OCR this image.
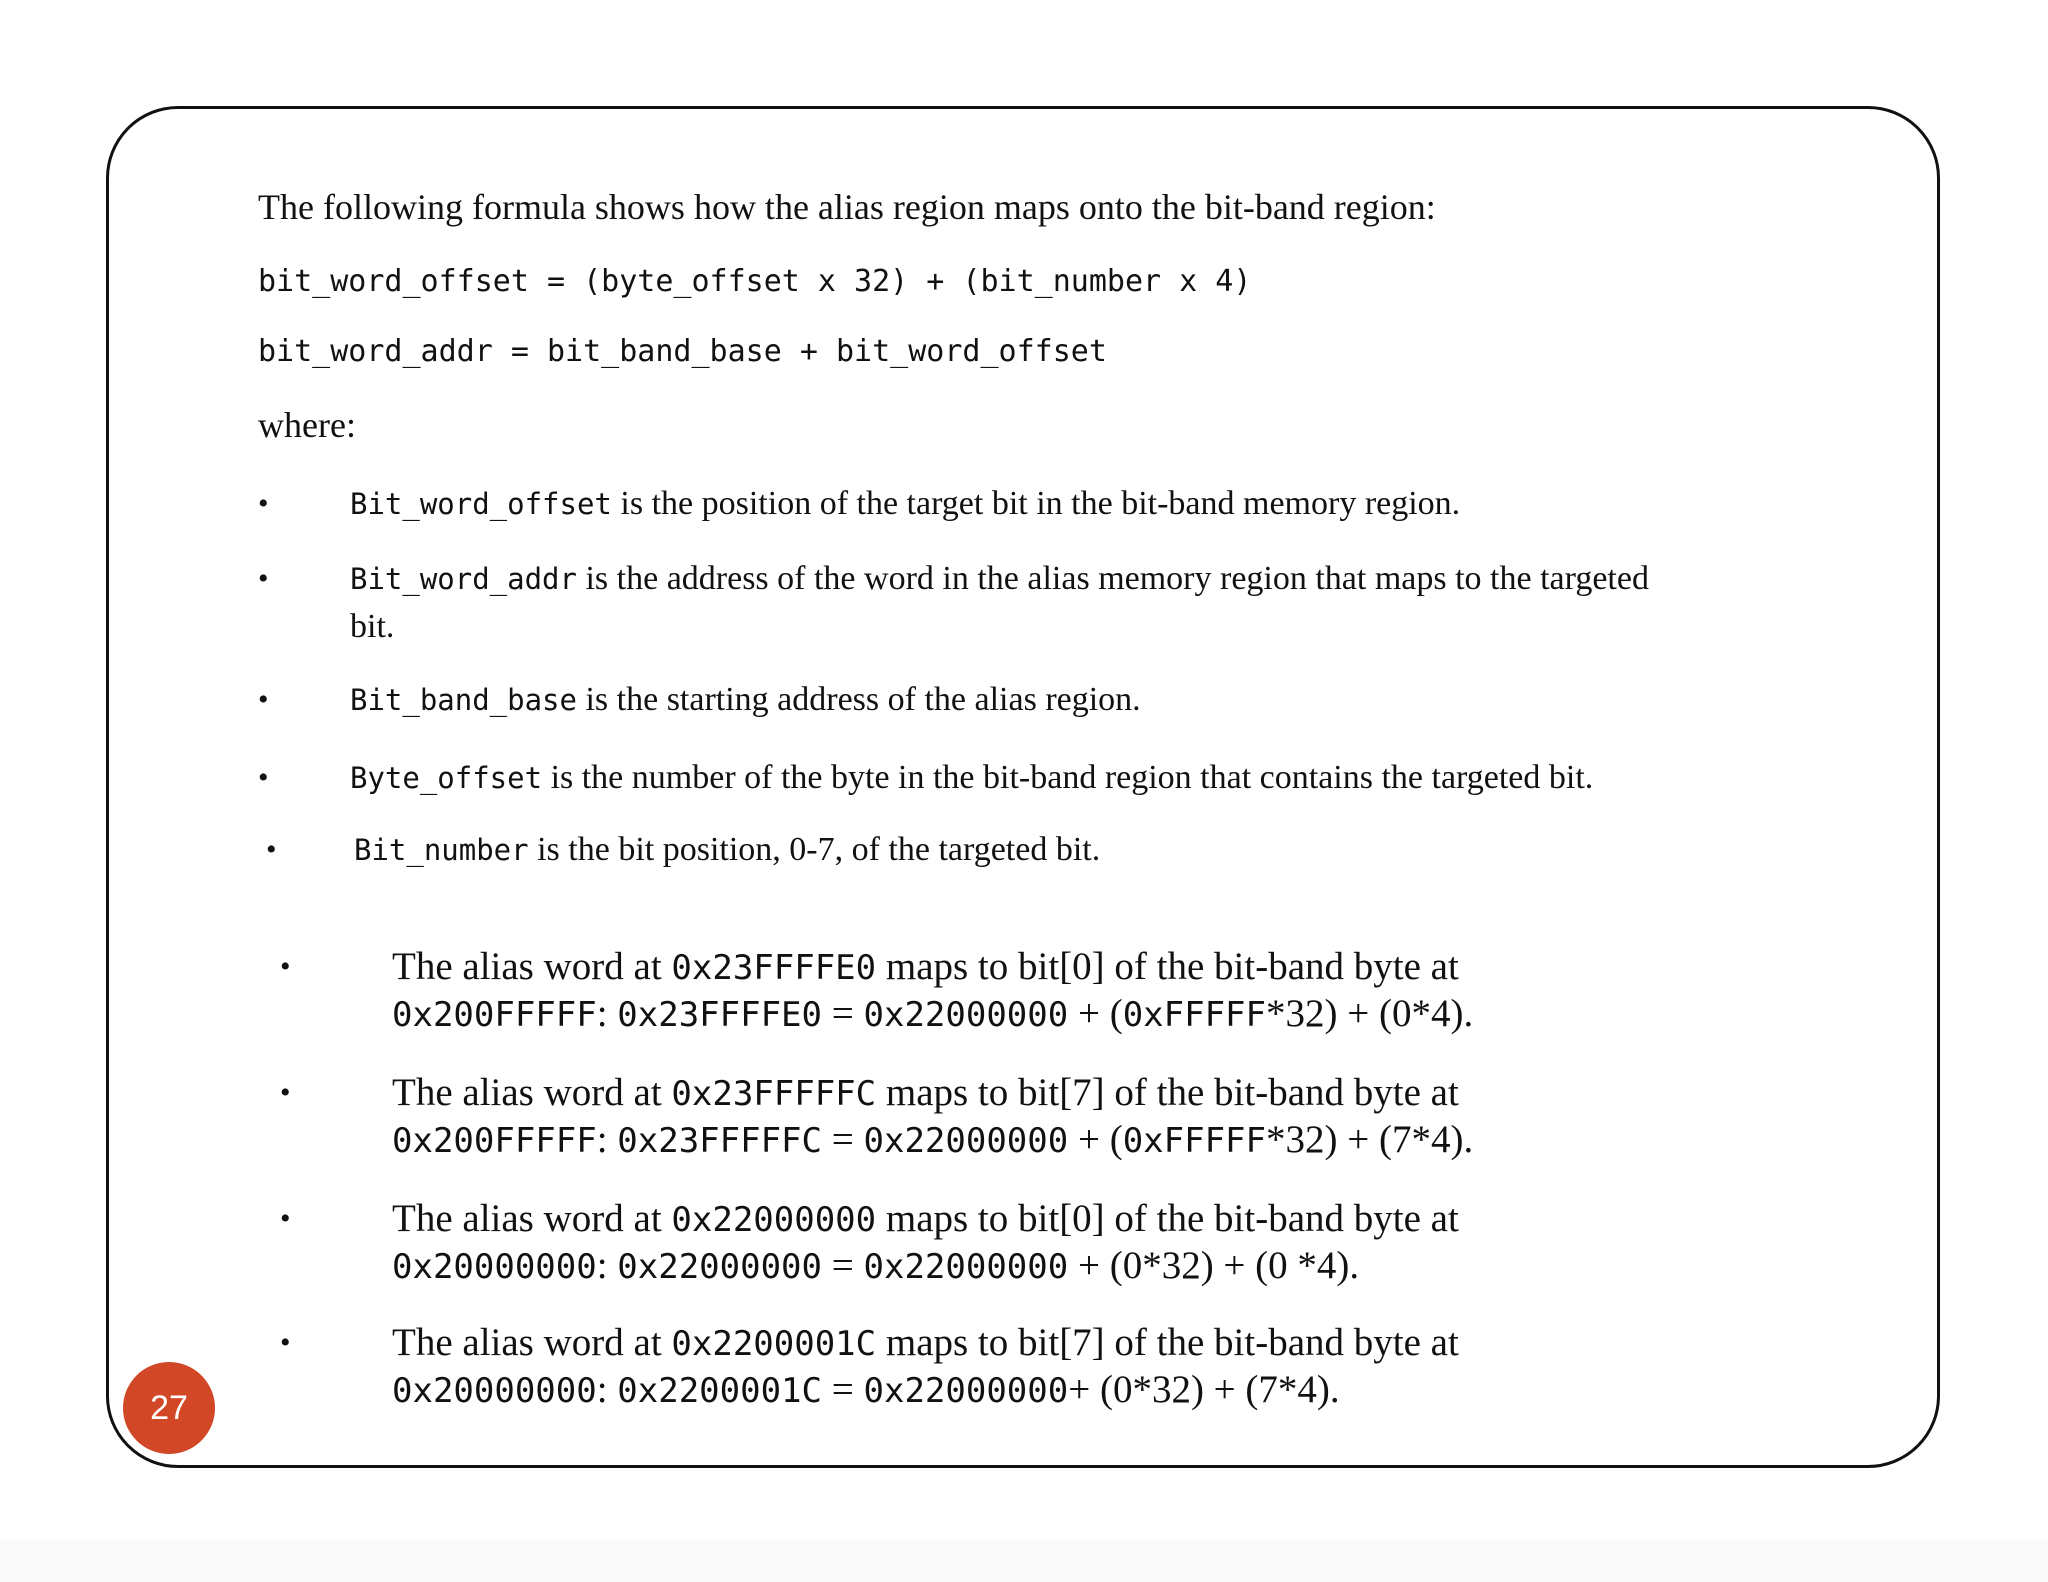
The following formula shows how the alias region maps onto the bit-band region:
bit_word_offset = (byte_offset x 32) + (bit_number x 4)
bit_word_addr = bit_band_base + bit_word_offset
where:
•	Bit_word_offset is the position of the target bit in the bit-band memory region.
•	Bit_word_addr is the address of the word in the alias memory region that maps to the targeted bit.
•	Bit_band_base is the starting address of the alias region.
•	Byte_offset is the number of the byte in the bit-band region that contains the targeted bit.
•	Bit_number is the bit position, 0-7, of the targeted bit.
•	The alias word at 0x23FFFFE0 maps to bit[0] of the bit-band byte at
0x200FFFFF: 0x23FFFFE0 = 0x22000000 + (0xFFFFF*32) + (0*4).
•	The alias word at 0x23FFFFFC maps to bit[7] of the bit-band byte at
0x200FFFFF: 0x23FFFFFC = 0x22000000 + (0xFFFFF*32) + (7*4).
•	The alias word at 0x22000000 maps to bit[0] of the bit-band byte at
0x20000000: 0x22000000 = 0x22000000 + (0*32) + (0 *4).
•	The alias word at 0x2200001C maps to bit[7] of the bit-band byte at
0x20000000: 0x2200001C = 0x22000000+ (0*32) + (7*4).
27
